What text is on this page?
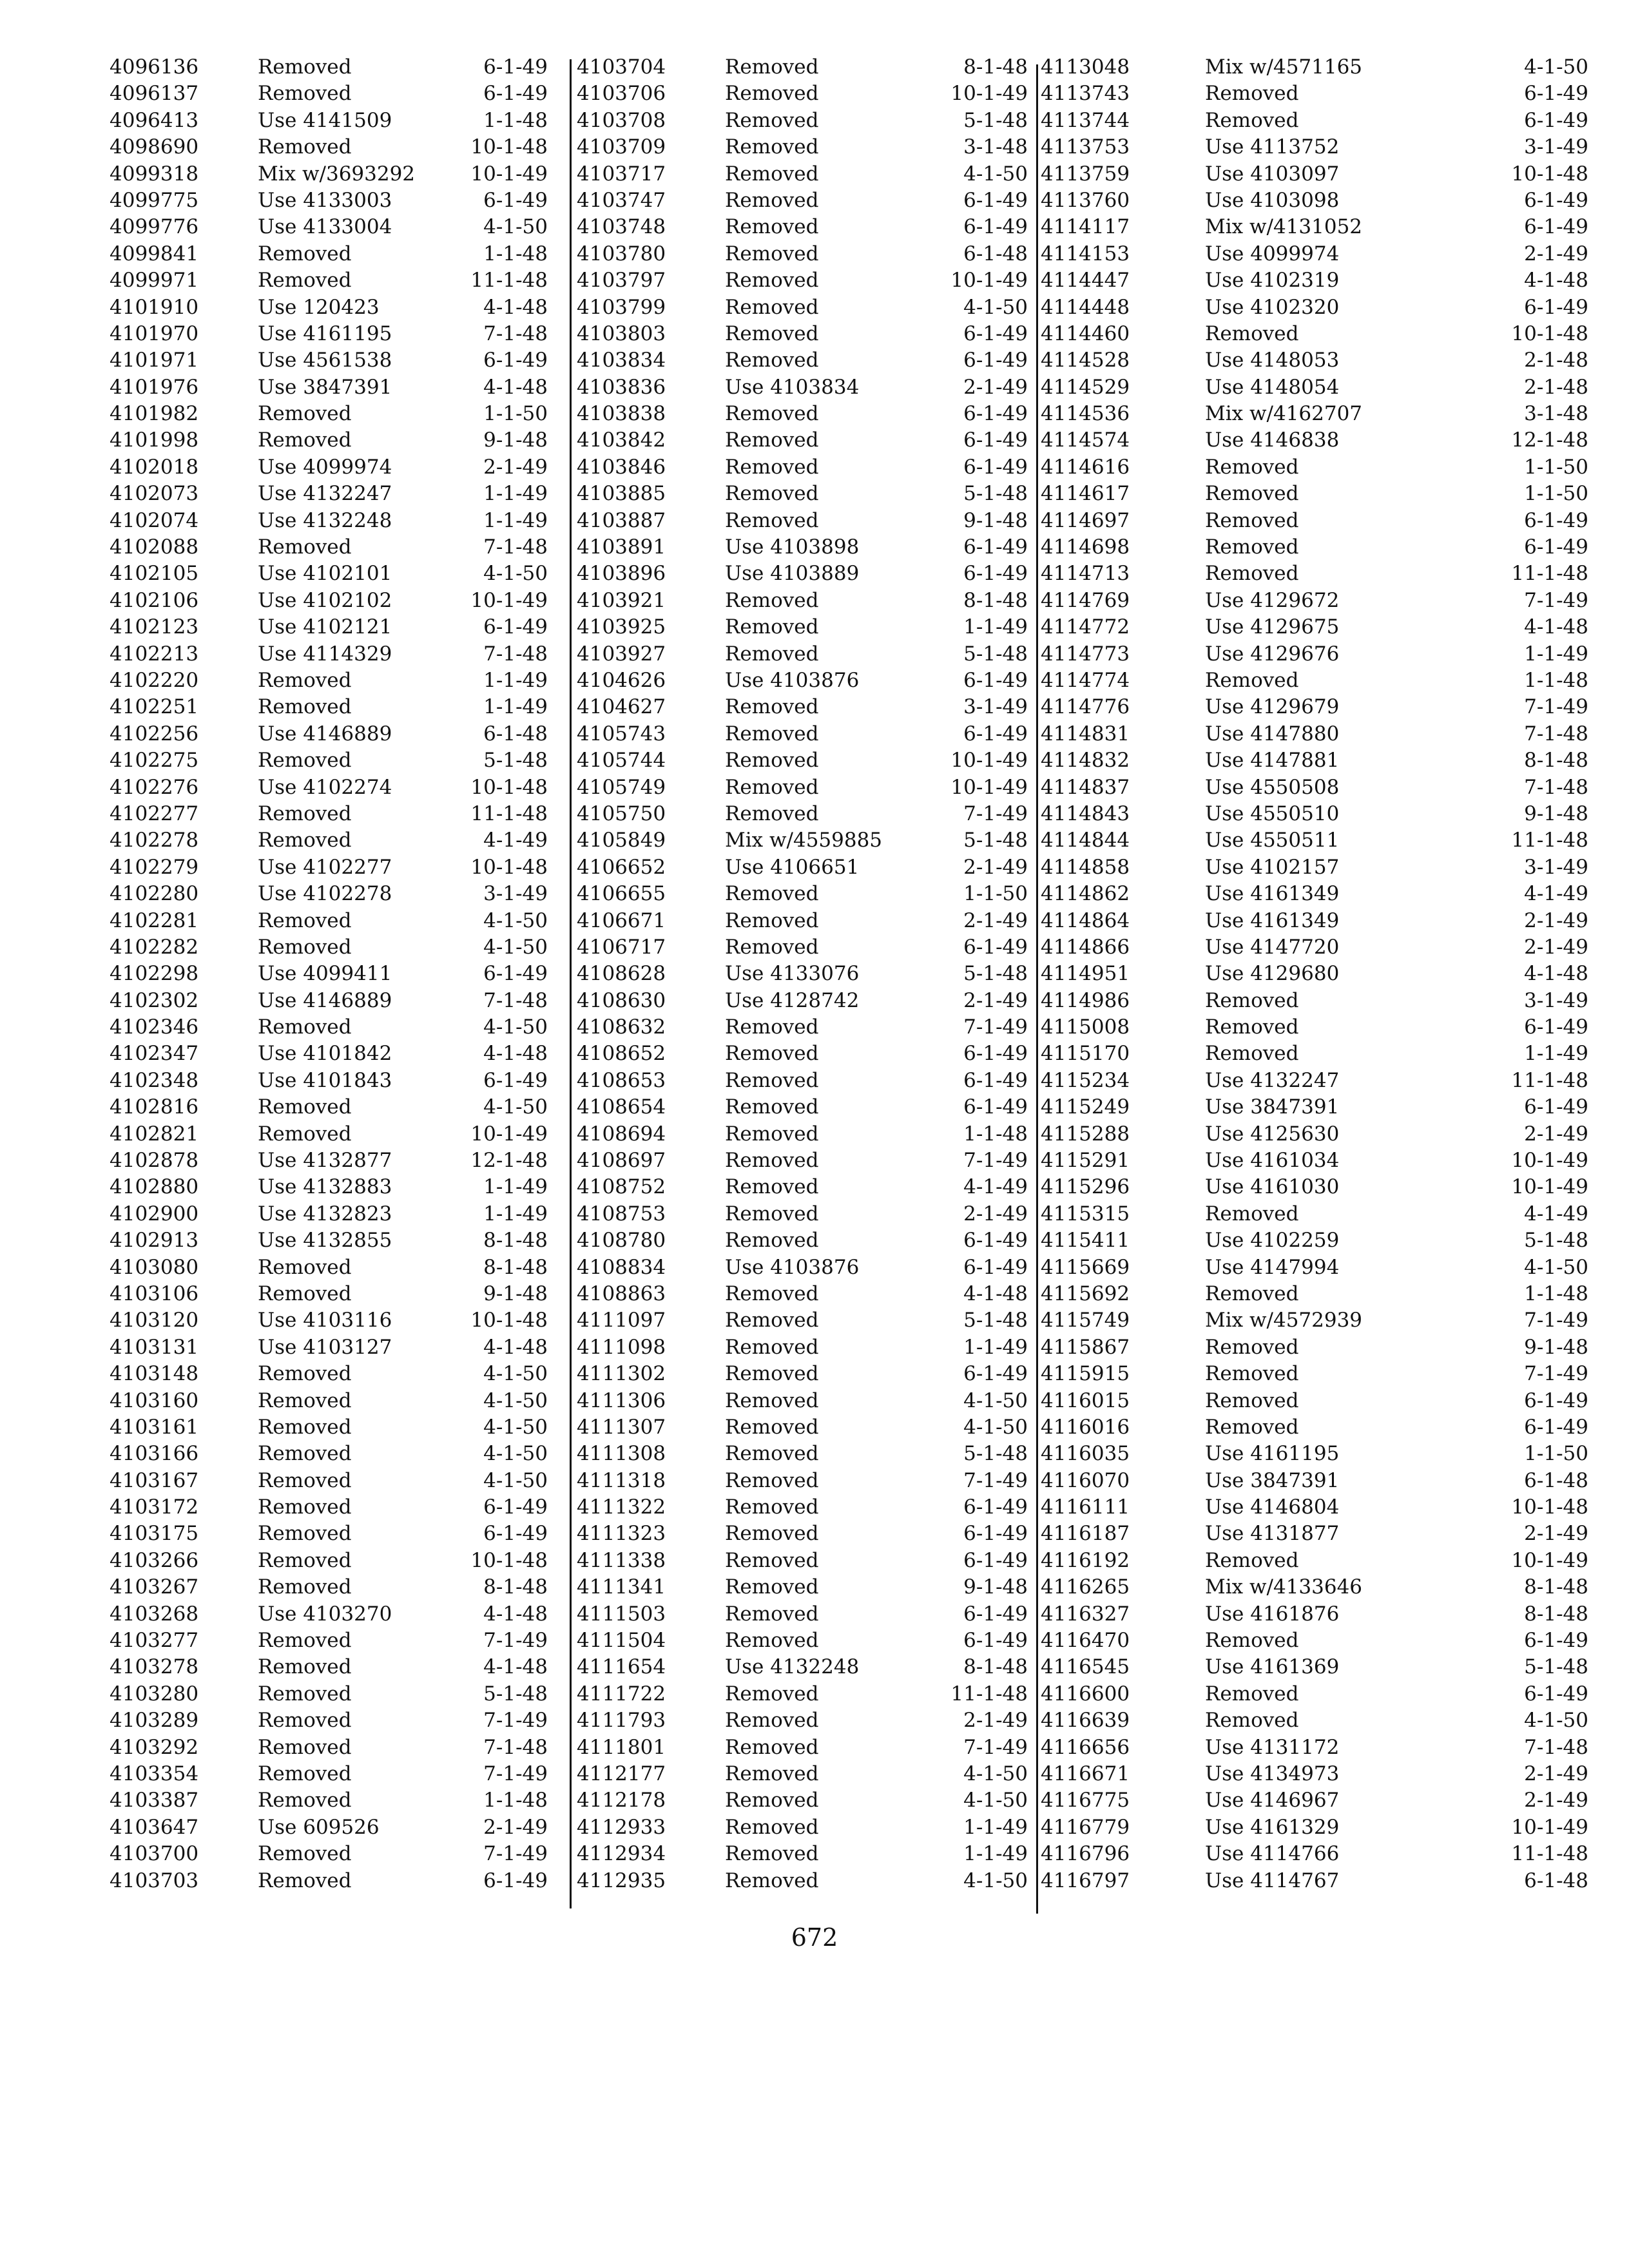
4096136	Removed	6-1-49
4096137	Removed	6-1-49
4096413	Use 4141509	1-1-48
4098690	Removed	10-1-48
4099318	Mix w/3693292	10-1-49
4099775	Use 4133003	6-1-49
4099776	Use 4133004	4-1-50
4099841	Removed	1-1-48
4099971	Removed	11-1-48
4101910	Use 120423	4-1-48
4101970	Use 4161195	7-1-48
4101971	Use 4561538	6-1-49
4101976	Use 3847391	4-1-48
4101982	Removed	1-1-50
4101998	Removed	9-1-48
4102018	Use 4099974	2-1-49
4102073	Use 4132247	1-1-49
4102074	Use 4132248	1-1-49
4102088	Removed	7-1-48
4102105	Use 4102101	4-1-50
4102106	Use 4102102	10-1-49
4102123	Use 4102121	6-1-49
4102213	Use 4114329	7-1-48
4102220	Removed	1-1-49
4102251	Removed	1-1-49
4102256	Use 4146889	6-1-48
4102275	Removed	5-1-48
4102276	Use 4102274	10-1-48
4102277	Removed	11-1-48
4102278	Removed	4-1-49
4102279	Use 4102277	10-1-48
4102280	Use 4102278	3-1-49
4102281	Removed	4-1-50
4102282	Removed	4-1-50
4102298	Use 4099411	6-1-49
4102302	Use 4146889	7-1-48
4102346	Removed	4-1-50
4102347	Use 4101842	4-1-48
4102348	Use 4101843	6-1-49
4102816	Removed	4-1-50
4102821	Removed	10-1-49
4102878	Use 4132877	12-1-48
4102880	Use 4132883	1-1-49
4102900	Use 4132823	1-1-49
4102913	Use 4132855	8-1-48
4103080	Removed	8-1-48
4103106	Removed	9-1-48
4103120	Use 4103116	10-1-48
4103131	Use 4103127	4-1-48
4103148	Removed	4-1-50
4103160	Removed	4-1-50
4103161	Removed	4-1-50
4103166	Removed	4-1-50
4103167	Removed	4-1-50
4103172	Removed	6-1-49
4103175	Removed	6-1-49
4103266	Removed	10-1-48
4103267	Removed	8-1-48
4103268	Use 4103270	4-1-48
4103277	Removed	7-1-49
4103278	Removed	4-1-48
4103280	Removed	5-1-48
4103289	Removed	7-1-49
4103292	Removed	7-1-48
4103354	Removed	7-1-49
4103387	Removed	1-1-48
4103647	Use 609526	2-1-49
4103700	Removed	7-1-49
4103703	Removed	6-1-49
4103704	Removed	8-1-48
4103706	Removed	10-1-49
4103708	Removed	5-1-48
4103709	Removed	3-1-48
4103717	Removed	4-1-50
4103747	Removed	6-1-49
4103748	Removed	6-1-49
4103780	Removed	6-1-48
4103797	Removed	10-1-49
4103799	Removed	4-1-50
4103803	Removed	6-1-49
4103834	Removed	6-1-49
4103836	Use 4103834	2-1-49
4103838	Removed	6-1-49
4103842	Removed	6-1-49
4103846	Removed	6-1-49
4103885	Removed	5-1-48
4103887	Removed	9-1-48
4103891	Use 4103898	6-1-49
4103896	Use 4103889	6-1-49
4103921	Removed	8-1-48
4103925	Removed	1-1-49
4103927	Removed	5-1-48
4104626	Use 4103876	6-1-49
4104627	Removed	3-1-49
4105743	Removed	6-1-49
4105744	Removed	10-1-49
4105749	Removed	10-1-49
4105750	Removed	7-1-49
4105849	Mix w/4559885	5-1-48
4106652	Use 4106651	2-1-49
4106655	Removed	1-1-50
4106671	Removed	2-1-49
4106717	Removed	6-1-49
4108628	Use 4133076	5-1-48
4108630	Use 4128742	2-1-49
4108632	Removed	7-1-49
4108652	Removed	6-1-49
4108653	Removed	6-1-49
4108654	Removed	6-1-49
4108694	Removed	1-1-48
4108697	Removed	7-1-49
4108752	Removed	4-1-49
4108753	Removed	2-1-49
4108780	Removed	6-1-49
4108834	Use 4103876	6-1-49
4108863	Removed	4-1-48
4111097	Removed	5-1-48
4111098	Removed	1-1-49
4111302	Removed	6-1-49
4111306	Removed	4-1-50
4111307	Removed	4-1-50
4111308	Removed	5-1-48
4111318	Removed	7-1-49
4111322	Removed	6-1-49
4111323	Removed	6-1-49
4111338	Removed	6-1-49
4111341	Removed	9-1-48
4111503	Removed	6-1-49
4111504	Removed	6-1-49
4111654	Use 4132248	8-1-48
4111722	Removed	11-1-48
4111793	Removed	2-1-49
4111801	Removed	7-1-49
4112177	Removed	4-1-50
4112178	Removed	4-1-50
4112933	Removed	1-1-49
4112934	Removed	1-1-49
4112935	Removed	4-1-50
4113048	Mix w/4571165	4-1-50
4113743	Removed	6-1-49
4113744	Removed	6-1-49
4113753	Use 4113752	3-1-49
4113759	Use 4103097	10-1-48
4113760	Use 4103098	6-1-49
4114117	Mix w/4131052	6-1-49
4114153	Use 4099974	2-1-49
4114447	Use 4102319	4-1-48
4114448	Use 4102320	6-1-49
4114460	Removed	10-1-48
4114528	Use 4148053	2-1-48
4114529	Use 4148054	2-1-48
4114536	Mix w/4162707	3-1-48
4114574	Use 4146838	12-1-48
4114616	Removed	1-1-50
4114617	Removed	1-1-50
4114697	Removed	6-1-49
4114698	Removed	6-1-49
4114713	Removed	11-1-48
4114769	Use 4129672	7-1-49
4114772	Use 4129675	4-1-48
4114773	Use 4129676	1-1-49
4114774	Removed	1-1-48
4114776	Use 4129679	7-1-49
4114831	Use 4147880	7-1-48
4114832	Use 4147881	8-1-48
4114837	Use 4550508	7-1-48
4114843	Use 4550510	9-1-48
4114844	Use 4550511	11-1-48
4114858	Use 4102157	3-1-49
4114862	Use 4161349	4-1-49
4114864	Use 4161349	2-1-49
4114866	Use 4147720	2-1-49
4114951	Use 4129680	4-1-48
4114986	Removed	3-1-49
4115008	Removed	6-1-49
4115170	Removed	1-1-49
4115234	Use 4132247	11-1-48
4115249	Use 3847391	6-1-49
4115288	Use 4125630	2-1-49
4115291	Use 4161034	10-1-49
4115296	Use 4161030	10-1-49
4115315	Removed	4-1-49
4115411	Use 4102259	5-1-48
4115669	Use 4147994	4-1-50
4115692	Removed	1-1-48
4115749	Mix w/4572939	7-1-49
4115867	Removed	9-1-48
4115915	Removed	7-1-49
4116015	Removed	6-1-49
4116016	Removed	6-1-49
4116035	Use 4161195	1-1-50
4116070	Use 3847391	6-1-48
4116111	Use 4146804	10-1-48
4116187	Use 4131877	2-1-49
4116192	Removed	10-1-49
4116265	Mix w/4133646	8-1-48
4116327	Use 4161876	8-1-48
4116470	Removed	6-1-49
4116545	Use 4161369	5-1-48
4116600	Removed	6-1-49
4116639	Removed	4-1-50
4116656	Use 4131172	7-1-48
4116671	Use 4134973	2-1-49
4116775	Use 4146967	2-1-49
4116779	Use 4161329	10-1-49
4116796	Use 4114766	11-1-48
4116797	Use 4114767	6-1-48
672
